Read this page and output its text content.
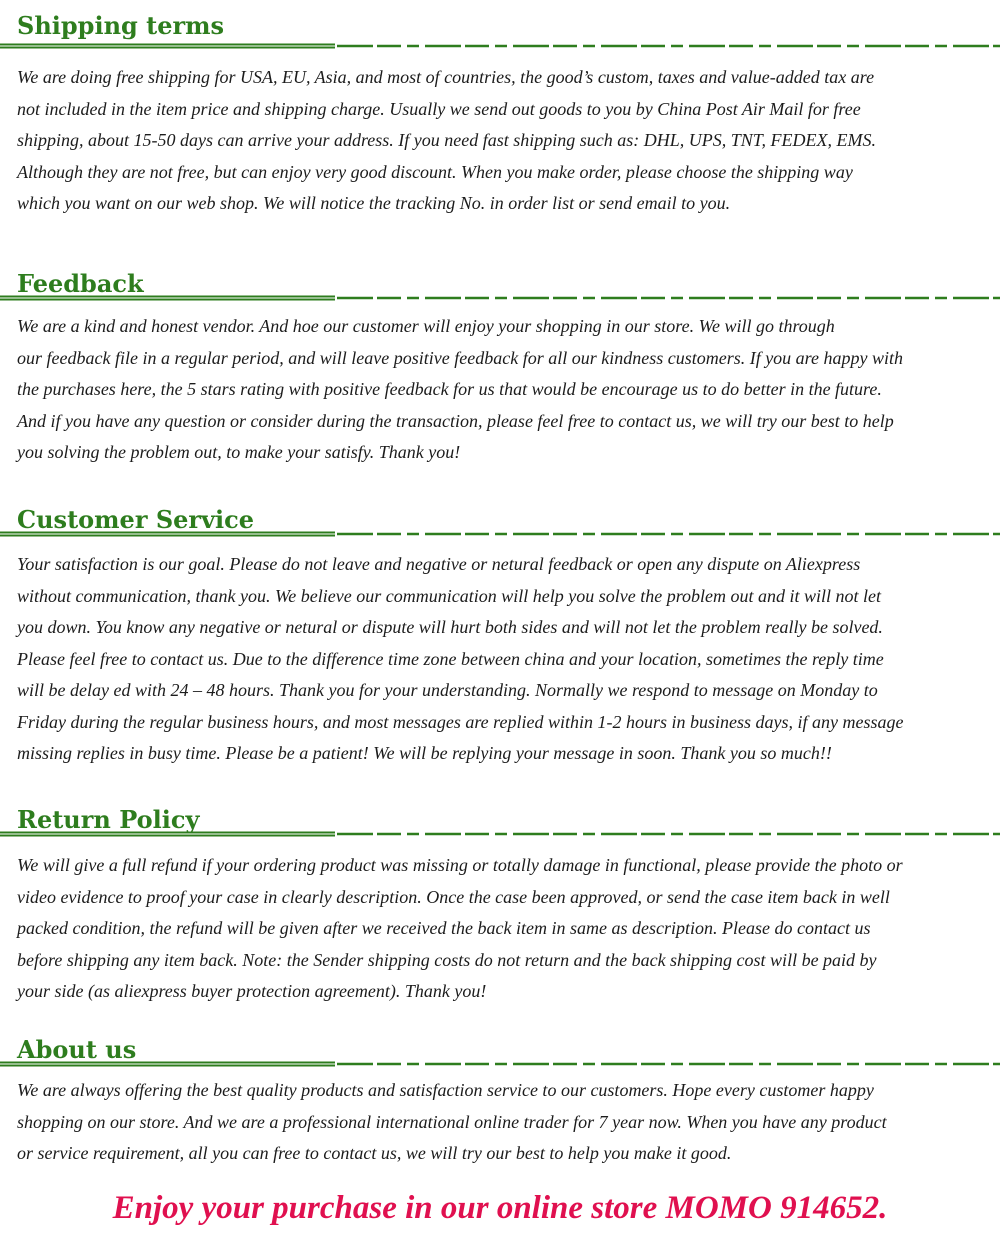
Shipping terms
We are doing free shipping for USA, EU, Asia, and most of countries, the good’s custom, taxes and value-added tax are
not included in the item price and shipping charge. Usually we send out goods to you by China Post Air Mail for free
shipping, about 15-50 days can arrive your address. If you need fast shipping such as: DHL, UPS, TNT, FEDEX, EMS.
Although they are not free, but can enjoy very good discount. When you make order, please choose the shipping way
which you want on our web shop. We will notice the tracking No. in order list or send email to you.
Feedback
We are a kind and honest vendor. And hoe our customer will enjoy your shopping in our store. We will go through
our feedback file in a regular period, and will leave positive feedback for all our kindness customers. If you are happy with
the purchases here, the 5 stars rating with positive feedback for us that would be encourage us to do better in the future.
And if you have any question or consider during the transaction, please feel free to contact us, we will try our best to help
you solving the problem out, to make your satisfy. Thank you!
Customer Service
Your satisfaction is our goal. Please do not leave and negative or netural feedback or open any dispute on Aliexpress
without communication, thank you. We believe our communication will help you solve the problem out and it will not let
you down. You know any negative or netural or dispute will hurt both sides and will not let the problem really be solved.
Please feel free to contact us. Due to the difference time zone between china and your location, sometimes the reply time
will be delay ed with 24 – 48 hours. Thank you for your understanding. Normally we respond to message on Monday to
Friday during the regular business hours, and most messages are replied within 1-2 hours in business days, if any message
missing replies in busy time. Please be a patient! We will be replying your message in soon. Thank you so much!!
Return Policy
We will give a full refund if your ordering product was missing or totally damage in functional, please provide the photo or
video evidence to proof your case in clearly description. Once the case been approved, or send the case item back in well
packed condition, the refund will be given after we received the back item in same as description. Please do contact us
before shipping any item back. Note: the Sender shipping costs do not return and the back shipping cost will be paid by
your side (as aliexpress buyer protection agreement). Thank you!
About us
We are always offering the best quality products and satisfaction service to our customers. Hope every customer happy
shopping on our store. And we are a professional international online trader for 7 year now. When you have any product
or service requirement, all you can free to contact us, we will try our best to help you make it good.
Enjoy your purchase in our online store MOMO 914652.
